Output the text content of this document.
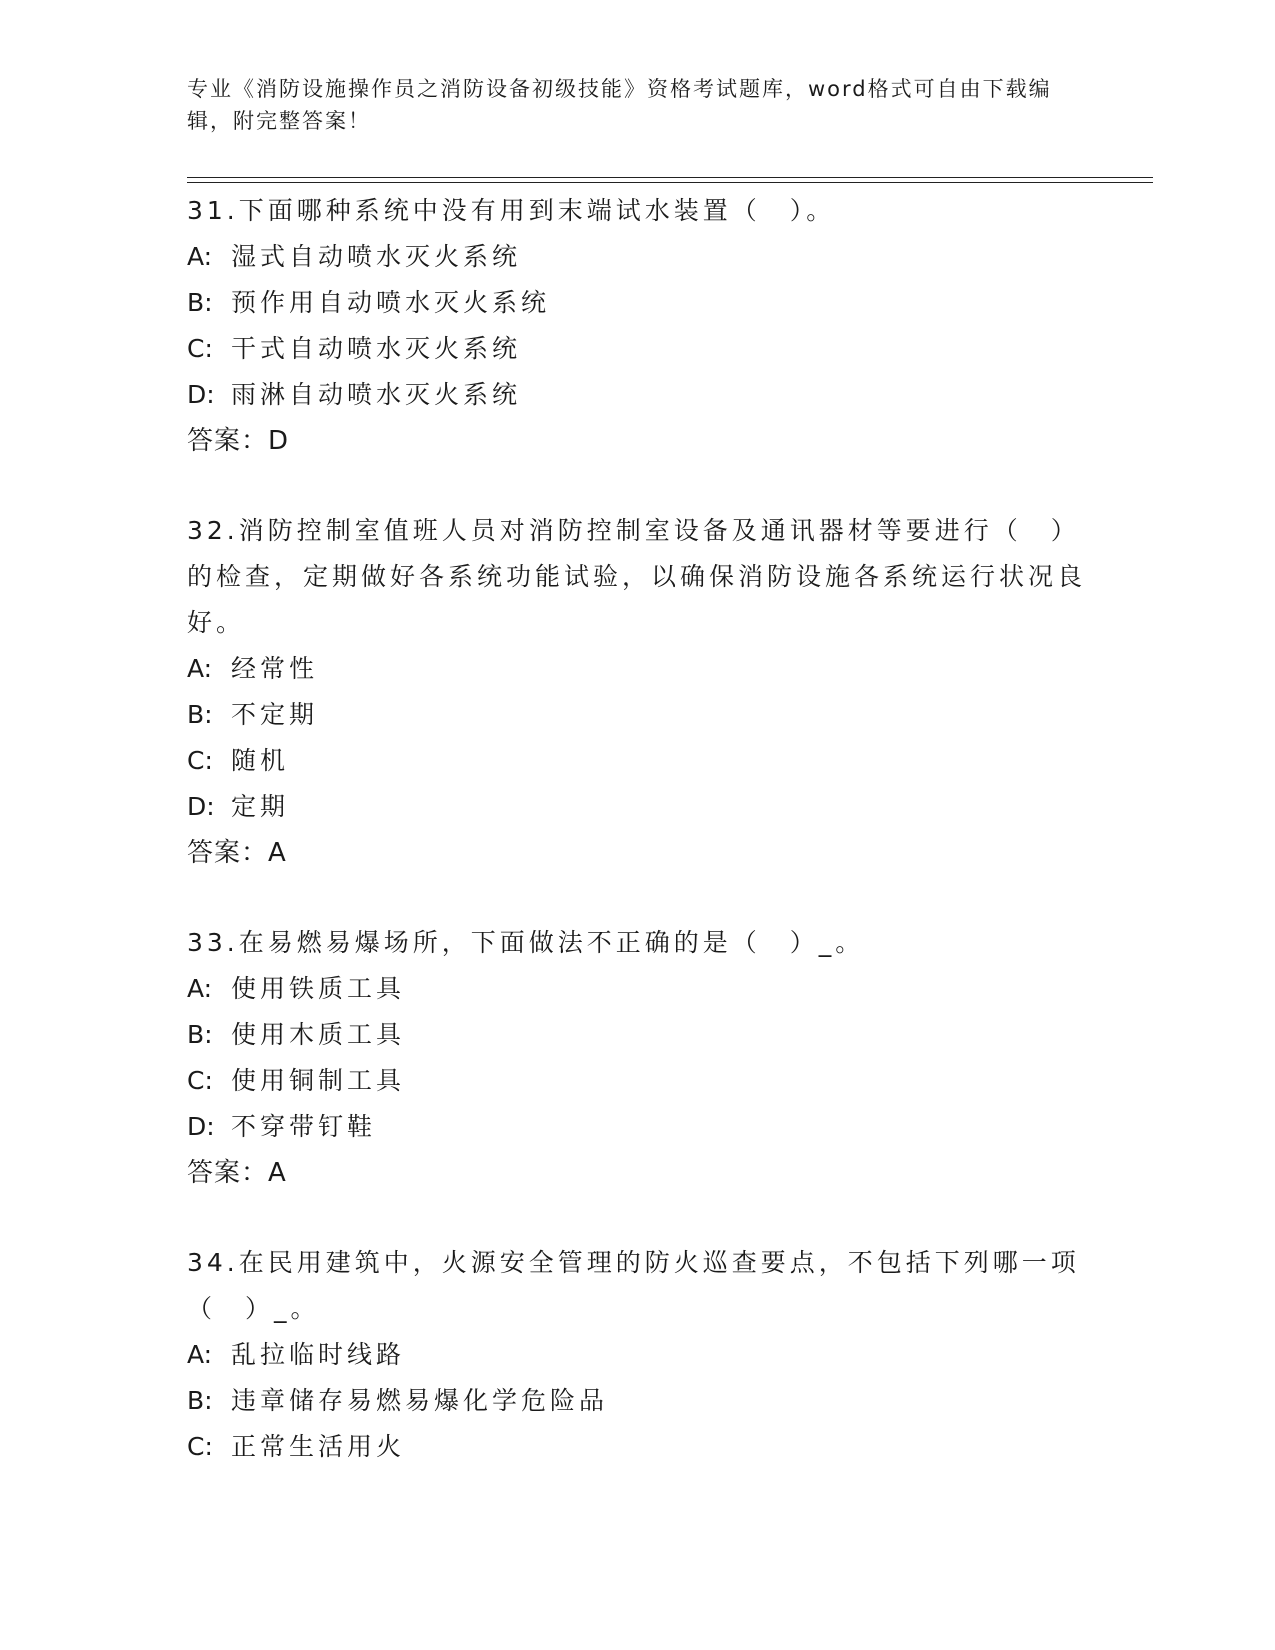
专业《消防设施操作员之消防设备初级技能》资格考试题库，word格式可自由下载编辑，附完整答案！
31.下面哪种系统中没有用到末端试水装置（　）。
A: 湿式自动喷水灭火系统
B: 预作用自动喷水灭火系统
C: 干式自动喷水灭火系统
D: 雨淋自动喷水灭火系统
答案：D
32.消防控制室值班人员对消防控制室设备及通讯器材等要进行（　）的检查，定期做好各系统功能试验，以确保消防设施各系统运行状况良好。
A: 经常性
B: 不定期
C: 随机
D: 定期
答案：A
33.在易燃易爆场所，下面做法不正确的是（　）_。
A: 使用铁质工具
B: 使用木质工具
C: 使用铜制工具
D: 不穿带钉鞋
答案：A
34.在民用建筑中，火源安全管理的防火巡查要点，不包括下列哪一项（　）_。
A: 乱拉临时线路
B: 违章储存易燃易爆化学危险品
C: 正常生活用火
